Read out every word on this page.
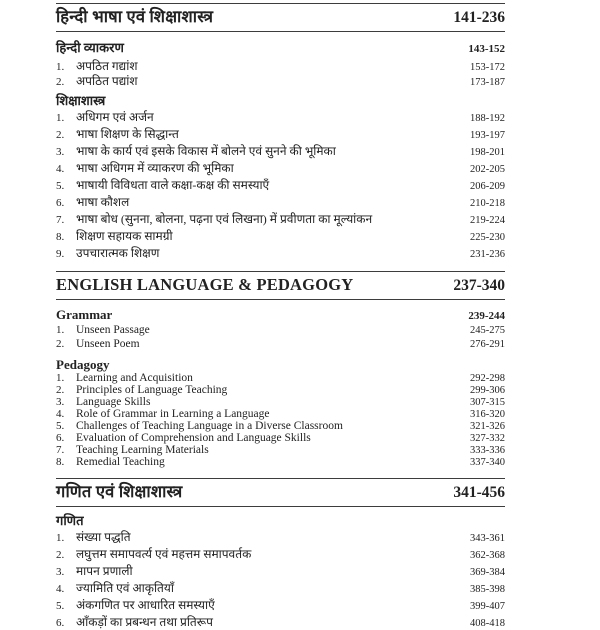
हिन्दी भाषा एवं शिक्षाशास्त्र	141-236
हिन्दी व्याकरण	143-152
1. अपठित गद्यांश	153-172
2. अपठित पद्यांश	173-187
शिक्षाशास्त्र
1. अधिगम एवं अर्जन	188-192
2. भाषा शिक्षण के सिद्धान्त	193-197
3. भाषा के कार्य एवं इसके विकास में बोलने एवं सुनने की भूमिका	198-201
4. भाषा अधिगम में व्याकरण की भूमिका	202-205
5. भाषायी विविधता वाले कक्षा-कक्ष की समस्याएँ	206-209
6. भाषा कौशल	210-218
7. भाषा बोध (सुनना, बोलना, पढ़ना एवं लिखना) में प्रवीणता का मूल्यांकन	219-224
8. शिक्षण सहायक सामग्री	225-230
9. उपचारात्मक शिक्षण	231-236
ENGLISH LANGUAGE & PEDAGOGY	237-340
Grammar	239-244
1.	Unseen Passage	245-275
2.	Unseen Poem	276-291
Pedagogy
1.	Learning and Acquisition	292-298
2.	Principles of Language Teaching	299-306
3.	Language Skills	307-315
4.	Role of Grammar in Learning a Language	316-320
5.	Challenges of Teaching Language in a Diverse Classroom	321-326
6.	Evaluation of Comprehension and Language Skills	327-332
7.	Teaching Learning Materials	333-336
8.	Remedial Teaching	337-340
गणित एवं शिक्षाशास्त्र	341-456
गणित
1. संख्या पद्धति	343-361
2. लघुत्तम समापवर्त्य एवं महत्तम समापवर्तक	362-368
3. मापन प्रणाली	369-384
4. ज्यामिति एवं आकृतियाँ	385-398
5. अंकगणित पर आधारित समस्याएँ	399-407
6. आँकड़ों का प्रबन्धन तथा प्रतिरूप	408-418
